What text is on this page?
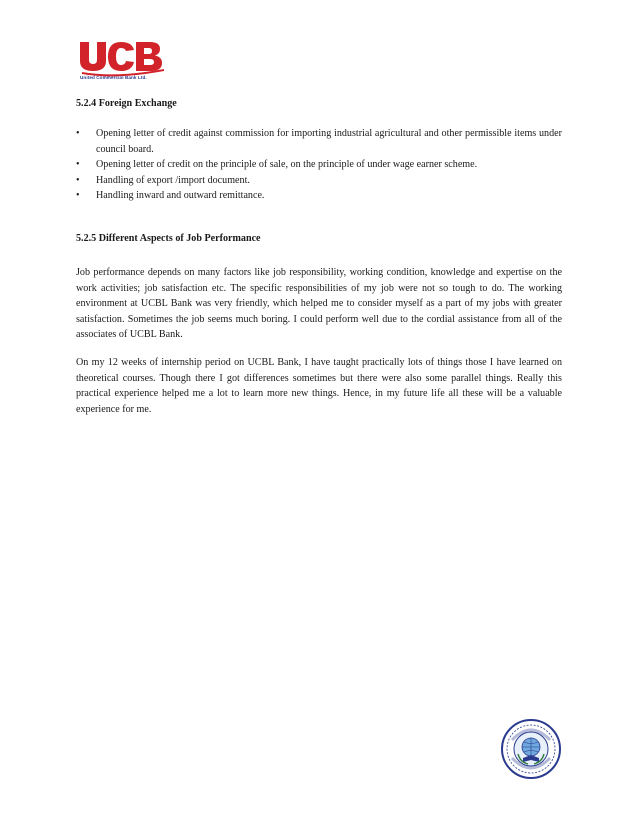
United Commercial Bank Ltd.
5.2.4 Foreign Exchange
• Opening letter of credit against commission for importing industrial agricultural and other permissible items under council board.
• Opening letter of credit on the principle of sale, on the principle of under wage earner scheme.
• Handling of export /import document.
• Handling inward and outward remittance.
5.2.5 Different Aspects of Job Performance

Job performance depends on many factors like job responsibility, working condition, knowledge and expertise on the work activities; job satisfaction etc. The specific responsibilities of my job were not so tough to do. The working environment at UCBL Bank was very friendly, which helped me to consider myself as a part of my jobs with greater satisfaction. Sometimes the job seems much boring. I could perform well due to the cordial assistance from all of the associates of UCBL Bank.

On my 12 weeks of internship period on UCBL Bank, I have taught practically lots of things those I have learned on theoretical courses. Though there I got differences sometimes but there were also some parallel things. Really this practical experience helped me a lot to learn more new things. Hence, in my future life all these will be a valuable experience for me.
